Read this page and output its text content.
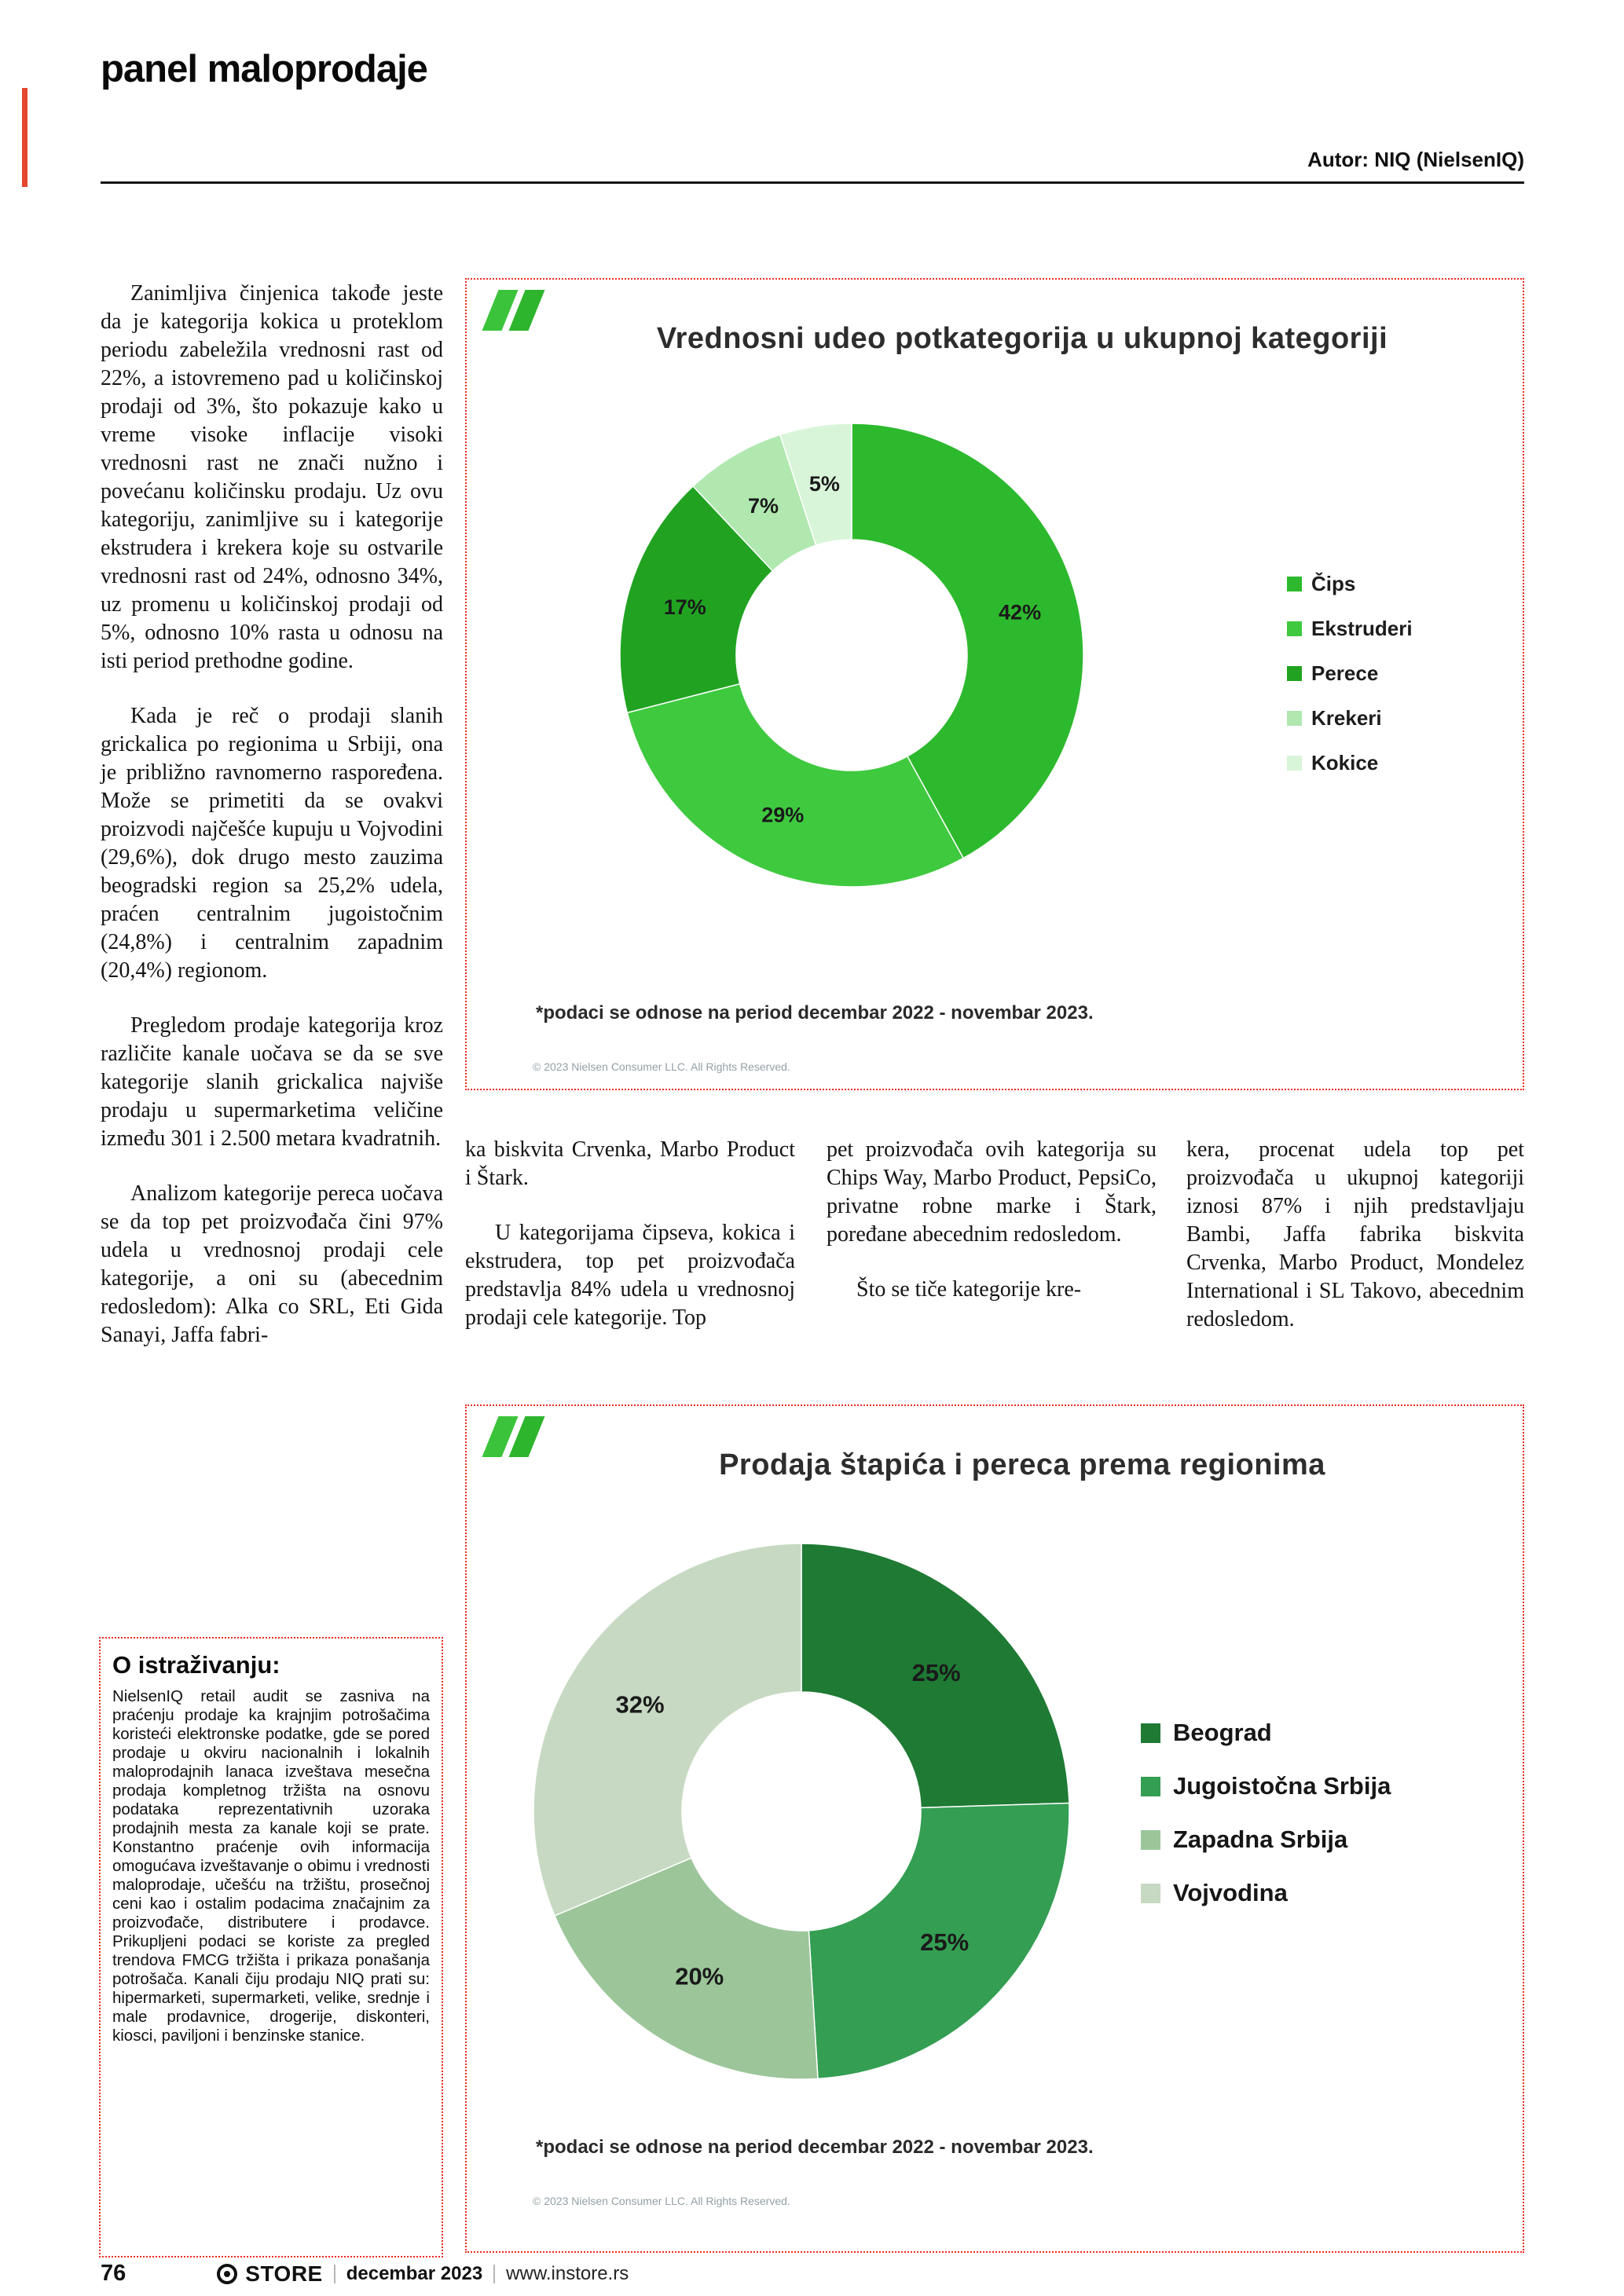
panel maloprodaje
Autor: NIQ (NielsenIQ)

Zanimljiva činjenica takođe jeste da je kategorija kokica u proteklom periodu zabeležila vrednosni rast od 22%, a istovremeno pad u količinskoj prodaji od 3%, što pokazuje kako u vreme visoke inflacije visoki vrednosni rast ne znači nužno i povećanu količinsku prodaju. Uz ovu kategoriju, zanimljive su i kategorije ekstrudera i krekera koje su ostvarile vrednosni rast od 24%, odnosno 34%, uz promenu u količinskoj prodaji od 5%, odnosno 10% rasta u odnosu na isti period prethodne godine.

Kada je reč o prodaji slanih grickalica po regionima u Srbiji, ona je približno ravnomerno raspoređena. Može se primetiti da se ovakvi proizvodi najčešće kupuju u Vojvodini (29,6%), dok drugo mesto zauzima beogradski region sa 25,2% udela, praćen centralnim jugoistočnim (24,8%) i centralnim zapadnim (20,4%) regionom.

Pregledom prodaje kategorija kroz različite kanale uočava se da se sve kategorije slanih grickalica najviše prodaju u supermarketima veličine između 301 i 2.500 metara kvadratnih.

Analizom kategorije pereca uočava se da top pet proizvođača čini 97% udela u vrednosnoj prodaji cele kategorije, a oni su (abecednim redosledom): Alka co SRL, Eti Gida Sanayi, Jaffa fabri-

Vrednosni udeo potkategorija u ukupnoj kategoriji
42%
29%
17%
7%
5%
Čips
Ekstruderi
Perece
Krekeri
Kokice
*podaci se odnose na period decembar 2022 - novembar 2023.
© 2023 Nielsen Consumer LLC. All Rights Reserved.

ka biskvita Crvenka, Marbo Product i Štark.

U kategorijama čipseva, kokica i ekstrudera, top pet proizvođača predstavlja 84% udela u vrednosnoj prodaji cele kategorije. Top

pet proizvođača ovih kategorija su Chips Way, Marbo Product, PepsiCo, privatne robne marke i Štark, poređane abecednim redosledom.

Što se tiče kategorije kre-

kera, procenat udela top pet proizvođača u ukupnoj kategoriji iznosi 87% i njih predstavljaju Bambi, Jaffa fabrika biskvita Crvenka, Marbo Product, Mondelez International i SL Takovo, abecednim redosledom.

O istraživanju:

NielsenIQ retail audit se zasniva na praćenju prodaje ka krajnjim potrošačima koristeći elektronske podatke, gde se pored prodaje u okviru nacionalnih i lokalnih maloprodajnih lanaca izveštava mesečna prodaja kompletnog tržišta na osnovu podataka reprezentativnih uzoraka prodajnih mesta za kanale koji se prate. Konstantno praćenje ovih informacija omogućava izveštavanje o obimu i vrednosti maloprodaje, učešću na tržištu, prosečnoj ceni kao i ostalim podacima značajnim za proizvođače, distributere i prodavce. Prikupljeni podaci se koriste za pregled trendova FMCG tržišta i prikaza ponašanja potrošača. Kanali čiju prodaju NIQ prati su: hipermarketi, supermarketi, velike, srednje i male prodavnice, drogerije, diskonteri, kiosci, paviljoni i benzinske stanice.

Prodaja štapića i pereca prema regionima
25%
25%
20%
32%
Beograd
Jugoistočna Srbija
Zapadna Srbija
Vojvodina
*podaci se odnose na period decembar 2022 - novembar 2023.
© 2023 Nielsen Consumer LLC. All Rights Reserved.
76	STORE decembar 2023 www.instore.rs
